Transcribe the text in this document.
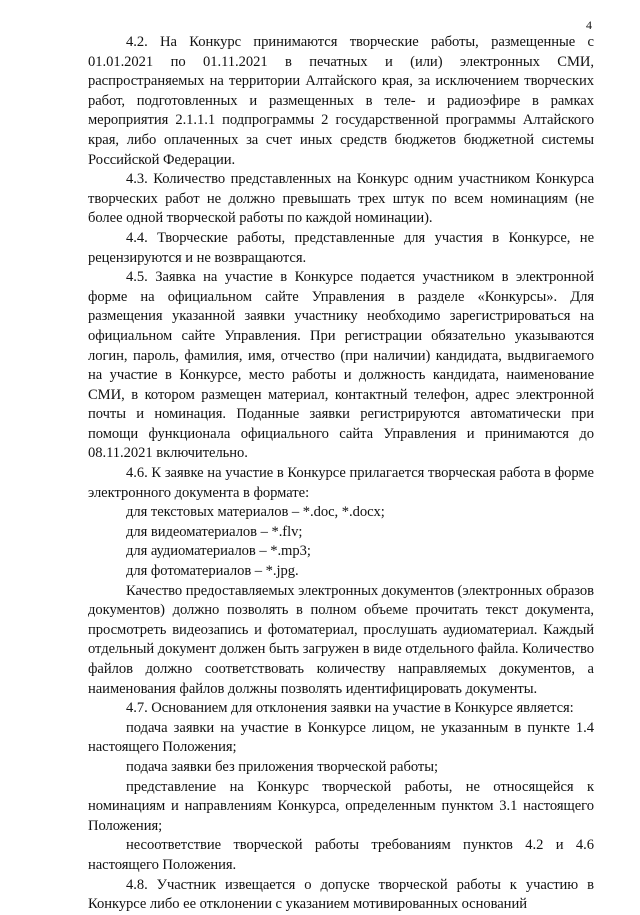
4

4.2. На Конкурс принимаются творческие работы, размещенные с 01.01.2021 по 01.11.2021 в печатных и (или) электронных СМИ, распространяемых на территории Алтайского края, за исключением творческих работ, подготовленных и размещенных в теле- и радиоэфире в рамках мероприятия 2.1.1.1 подпрограммы 2 государственной программы Алтайского края, либо оплаченных за счет иных средств бюджетов бюджетной системы Российской Федерации.

4.3. Количество представленных на Конкурс одним участником Конкурса творческих работ не должно превышать трех штук по всем номинациям (не более одной творческой работы по каждой номинации).

4.4. Творческие работы, представленные для участия в Конкурсе, не рецензируются и не возвращаются.

4.5. Заявка на участие в Конкурсе подается участником в электронной форме на официальном сайте Управления в разделе «Конкурсы». Для размещения указанной заявки участнику необходимо зарегистрироваться на официальном сайте Управления. При регистрации обязательно указываются логин, пароль, фамилия, имя, отчество (при наличии) кандидата, выдвигаемого на участие в Конкурсе, место работы и должность кандидата, наименование СМИ, в котором размещен материал, контактный телефон, адрес электронной почты и номинация. Поданные заявки регистрируются автоматически при помощи функционала официального сайта Управления и принимаются до 08.11.2021 включительно.

4.6. К заявке на участие в Конкурсе прилагается творческая работа в форме электронного документа в формате:

для текстовых материалов – *.doc, *.docx;

для видеоматериалов – *.flv;

для аудиоматериалов – *.mp3;

для фотоматериалов – *.jpg.

Качество предоставляемых электронных документов (электронных образов документов) должно позволять в полном объеме прочитать текст документа, просмотреть видеозапись и фотоматериал, прослушать аудиоматериал. Каждый отдельный документ должен быть загружен в виде отдельного файла. Количество файлов должно соответствовать количеству направляемых документов, а наименования файлов должны позволять идентифицировать документы.

4.7. Основанием для отклонения заявки на участие в Конкурсе является:

подача заявки на участие в Конкурсе лицом, не указанным в пункте 1.4 настоящего Положения;

подача заявки без приложения творческой работы;

представление на Конкурс творческой работы, не относящейся к номинациям и направлениям Конкурса, определенным пунктом 3.1 настоящего Положения;

несоответствие творческой работы требованиям пунктов 4.2 и 4.6 настоящего Положения.

4.8. Участник извещается о допуске творческой работы к участию в Конкурсе либо ее отклонении с указанием мотивированных оснований
